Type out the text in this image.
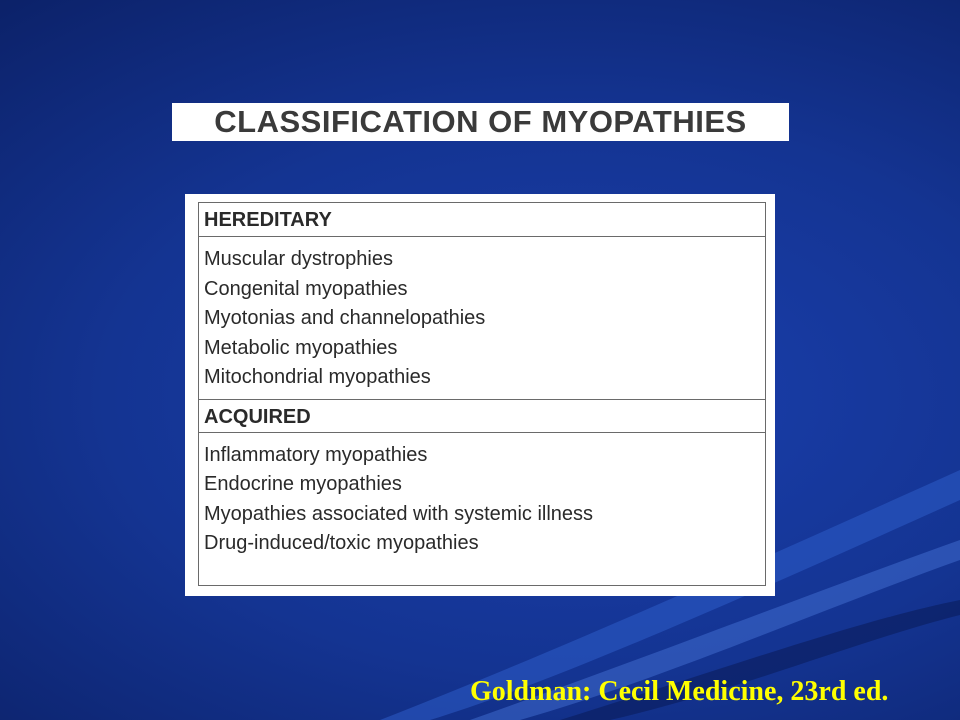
CLASSIFICATION OF MYOPATHIES
HEREDITARY
Muscular dystrophies
Congenital myopathies
Myotonias and channelopathies
Metabolic myopathies
Mitochondrial myopathies
ACQUIRED
Inflammatory myopathies
Endocrine myopathies
Myopathies associated with systemic illness
Drug-induced/toxic myopathies
Goldman: Cecil Medicine, 23rd ed.
